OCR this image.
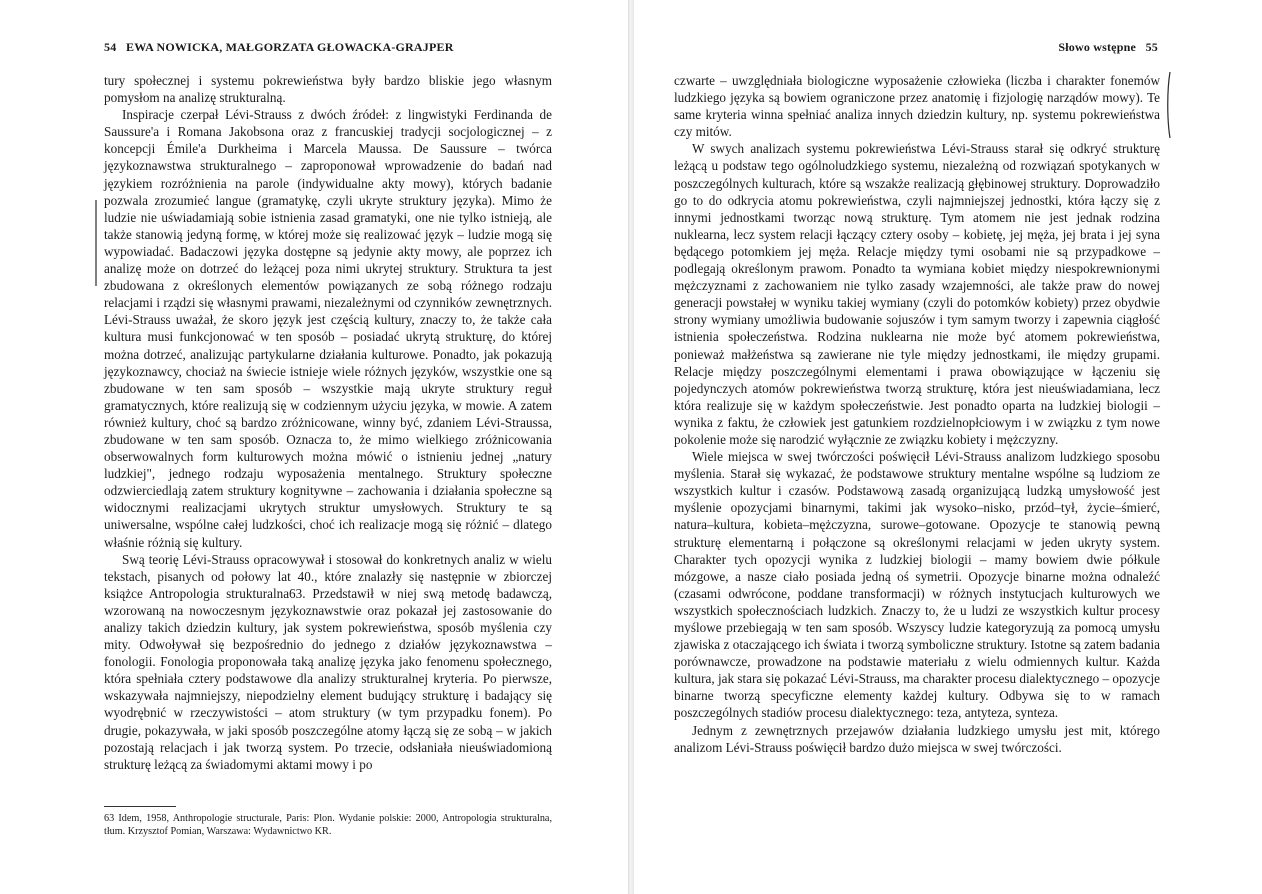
54 EWA NOWICKA, MAŁGORZATA GŁOWACKA-GRAJPER

tury społecznej i systemu pokrewieństwa były bardzo bliskie jego własnym pomysłom na analizę strukturalną.

Inspiracje czerpał Lévi-Strauss z dwóch źródeł: z lingwistyki Ferdinanda de Saussure'a i Romana Jakobsona oraz z francuskiej tradycji socjologicznej – z koncepcji Émile'a Durkheima i Marcela Maussa. De Saussure – twórca językoznawstwa strukturalnego – zaproponował wprowadzenie do badań nad językiem rozróżnienia na parole (indywidualne akty mowy), których badanie pozwala zrozumieć langue (gramatykę, czyli ukryte struktury języka). Mimo że ludzie nie uświadamiają sobie istnienia zasad gramatyki, one nie tylko istnieją, ale także stanowią jedyną formę, w której może się realizować język – ludzie mogą się wypowiadać. Badaczowi języka dostępne są jedynie akty mowy, ale poprzez ich analizę może on dotrzeć do leżącej poza nimi ukrytej struktury. Struktura ta jest zbudowana z określonych elementów powiązanych ze sobą różnego rodzaju relacjami i rządzi się własnymi prawami, niezależnymi od czynników zewnętrznych. Lévi-Strauss uważał, że skoro język jest częścią kultury, znaczy to, że także cała kultura musi funkcjonować w ten sposób – posiadać ukrytą strukturę, do której można dotrzeć, analizując partykularne działania kulturowe. Ponadto, jak pokazują językoznawcy, chociaż na świecie istnieje wiele różnych języków, wszystkie one są zbudowane w ten sam sposób – wszystkie mają ukryte struktury reguł gramatycznych, które realizują się w codziennym użyciu języka, w mowie. A zatem również kultury, choć są bardzo zróżnicowane, winny być, zdaniem Lévi-Straussa, zbudowane w ten sam sposób. Oznacza to, że mimo wielkiego zróżnicowania obserwowalnych form kulturowych można mówić o istnieniu jednej „natury ludzkiej", jednego rodzaju wyposażenia mentalnego. Struktury społeczne odzwierciedlają zatem struktury kognitywne – zachowania i działania społeczne są widocznymi realizacjami ukrytych struktur umysłowych. Struktury te są uniwersalne, wspólne całej ludzkości, choć ich realizacje mogą się różnić – dlatego właśnie różnią się kultury.

Swą teorię Lévi-Strauss opracowywał i stosował do konkretnych analiz w wielu tekstach, pisanych od połowy lat 40., które znalazły się następnie w zbiorczej książce Antropologia strukturalna63. Przedstawił w niej swą metodę badawczą, wzorowaną na nowoczesnym językoznawstwie oraz pokazał jej zastosowanie do analizy takich dziedzin kultury, jak system pokrewieństwa, sposób myślenia czy mity. Odwoływał się bezpośrednio do jednego z działów językoznawstwa – fonologii. Fonologia proponowała taką analizę języka jako fenomenu społecznego, która spełniała cztery podstawowe dla analizy strukturalnej kryteria. Po pierwsze, wskazywała najmniejszy, niepodzielny element budujący strukturę i badający się wyodrębnić w rzeczywistości – atom struktury (w tym przypadku fonem). Po drugie, pokazywała, w jaki sposób poszczególne atomy łączą się ze sobą – w jakich pozostają relacjach i jak tworzą system. Po trzecie, odsłaniała nieuświadomioną strukturę leżącą za świadomymi aktami mowy i po

63 Idem, 1958, Anthropologie structurale, Paris: Plon. Wydanie polskie: 2000, Antropologia strukturalna, tłum. Krzysztof Pomian, Warszawa: Wydawnictwo KR.
Słowo wstępne 55

czwarte – uwzględniała biologiczne wyposażenie człowieka (liczba i charakter fonemów ludzkiego języka są bowiem ograniczone przez anatomię i fizjologię narządów mowy). Te same kryteria winna spełniać analiza innych dziedzin kultury, np. systemu pokrewieństwa czy mitów.

W swych analizach systemu pokrewieństwa Lévi-Strauss starał się odkryć strukturę leżącą u podstaw tego ogólnoludzkiego systemu, niezależną od rozwiązań spotykanych w poszczególnych kulturach, które są wszakże realizacją głębinowej struktury. Doprowadziło go to do odkrycia atomu pokrewieństwa, czyli najmniejszej jednostki, która łączy się z innymi jednostkami tworząc nową strukturę. Tym atomem nie jest jednak rodzina nuklearna, lecz system relacji łączący cztery osoby – kobietę, jej męża, jej brata i jej syna będącego potomkiem jej męża. Relacje między tymi osobami nie są przypadkowe – podlegają określonym prawom. Ponadto ta wymiana kobiet między niespokrewnionymi mężczyznami z zachowaniem nie tylko zasady wzajemności, ale także praw do nowej generacji powstałej w wyniku takiej wymiany (czyli do potomków kobiety) przez obydwie strony wymiany umożliwia budowanie sojuszów i tym samym tworzy i zapewnia ciągłość istnienia społeczeństwa. Rodzina nuklearna nie może być atomem pokrewieństwa, ponieważ małżeństwa są zawierane nie tyle między jednostkami, ile między grupami. Relacje między poszczególnymi elementami i prawa obowiązujące w łączeniu się pojedynczych atomów pokrewieństwa tworzą strukturę, która jest nieuświadamiana, lecz która realizuje się w każdym społeczeństwie. Jest ponadto oparta na ludzkiej biologii – wynika z faktu, że człowiek jest gatunkiem rozdzielnopłciowym i w związku z tym nowe pokolenie może się narodzić wyłącznie ze związku kobiety i mężczyzny.

Wiele miejsca w swej twórczości poświęcił Lévi-Strauss analizom ludzkiego sposobu myślenia. Starał się wykazać, że podstawowe struktury mentalne wspólne są ludziom ze wszystkich kultur i czasów. Podstawową zasadą organizującą ludzką umysłowość jest myślenie opozycjami binarnymi, takimi jak wysoko–nisko, przód–tył, życie–śmierć, natura–kultura, kobieta–mężczyzna, surowe–gotowane. Opozycje te stanowią pewną strukturę elementarną i połączone są określonymi relacjami w jeden ukryty system. Charakter tych opozycji wynika z ludzkiej biologii – mamy bowiem dwie półkule mózgowe, a nasze ciało posiada jedną oś symetrii. Opozycje binarne można odnaleźć (czasami odwrócone, poddane transformacji) w różnych instytucjach kulturowych we wszystkich społecznościach ludzkich. Znaczy to, że u ludzi ze wszystkich kultur procesy myślowe przebiegają w ten sam sposób. Wszyscy ludzie kategoryzują za pomocą umysłu zjawiska z otaczającego ich świata i tworzą symboliczne struktury. Istotne są zatem badania porównawcze, prowadzone na podstawie materiału z wielu odmiennych kultur. Każda kultura, jak stara się pokazać Lévi-Strauss, ma charakter procesu dialektycznego – opozycje binarne tworzą specyficzne elementy każdej kultury. Odbywa się to w ramach poszczególnych stadiów procesu dialektycznego: teza, antyteza, synteza.

Jednym z zewnętrznych przejawów działania ludzkiego umysłu jest mit, którego analizom Lévi-Strauss poświęcił bardzo dużo miejsca w swej twórczości.
